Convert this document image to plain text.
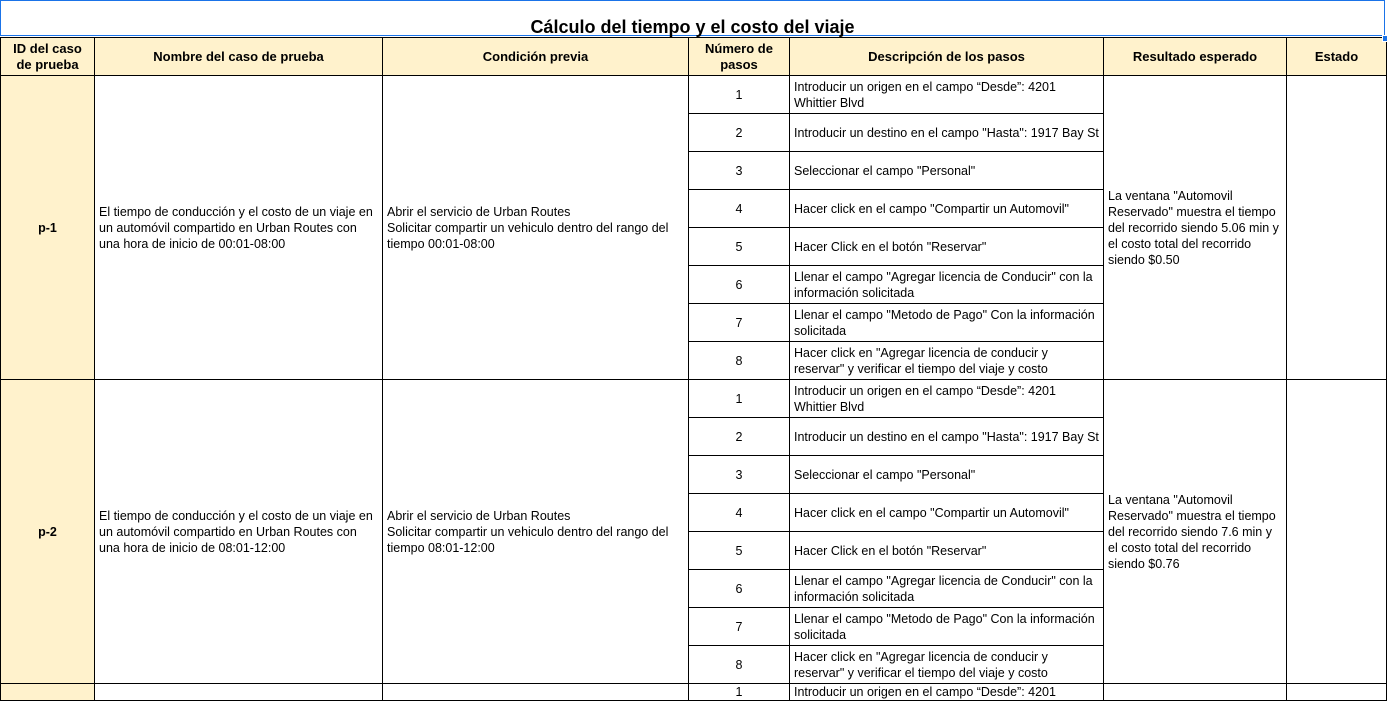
Cálculo del tiempo y el costo del viaje
ID del caso de prueba	Nombre del caso de prueba	Condición previa	Número de pasos	Descripción de los pasos	Resultado esperado	Estado
p-1	El tiempo de conducción y el costo de un viaje en un automóvil compartido en Urban Routes con una hora de inicio de 00:01-08:00	Abrir el servicio de Urban Routes
Solicitar compartir un vehiculo dentro del rango del tiempo 00:01-08:00	1	Introducir un origen en el campo “Desde”: 4201 Whittier Blvd	La ventana "Automovil Reservado" muestra el tiempo del recorrido siendo 5.06 min y el costo total del recorrido siendo $0.50	
			2	Introducir un destino en el campo "Hasta": 1917 Bay St		
			3	Seleccionar el campo "Personal"		
			4	Hacer click en el campo "Compartir un Automovil"		
			5	Hacer Click en el botón "Reservar"		
			6	Llenar el campo "Agregar licencia de Conducir" con la información solicitada		
			7	Llenar el campo "Metodo de Pago" Con la información solicitada		
			8	Hacer click en "Agregar licencia de conducir y reservar" y verificar el tiempo del viaje y costo		
p-2	El tiempo de conducción y el costo de un viaje en un automóvil compartido en Urban Routes con una hora de inicio de 08:01-12:00	Abrir el servicio de Urban Routes
Solicitar compartir un vehiculo dentro del rango del tiempo 08:01-12:00	1	Introducir un origen en el campo “Desde”: 4201 Whittier Blvd	La ventana "Automovil Reservado" muestra el tiempo del recorrido siendo 7.6 min y el costo total del recorrido siendo $0.76	
			2	Introducir un destino en el campo "Hasta": 1917 Bay St		
			3	Seleccionar el campo "Personal"		
			4	Hacer click en el campo "Compartir un Automovil"		
			5	Hacer Click en el botón "Reservar"		
			6	Llenar el campo "Agregar licencia de Conducir" con la información solicitada		
			7	Llenar el campo "Metodo de Pago" Con la información solicitada		
			8	Hacer click en "Agregar licencia de conducir y reservar" y verificar el tiempo del viaje y costo		

			1	Introducir un origen en el campo “Desde”: 4201		
